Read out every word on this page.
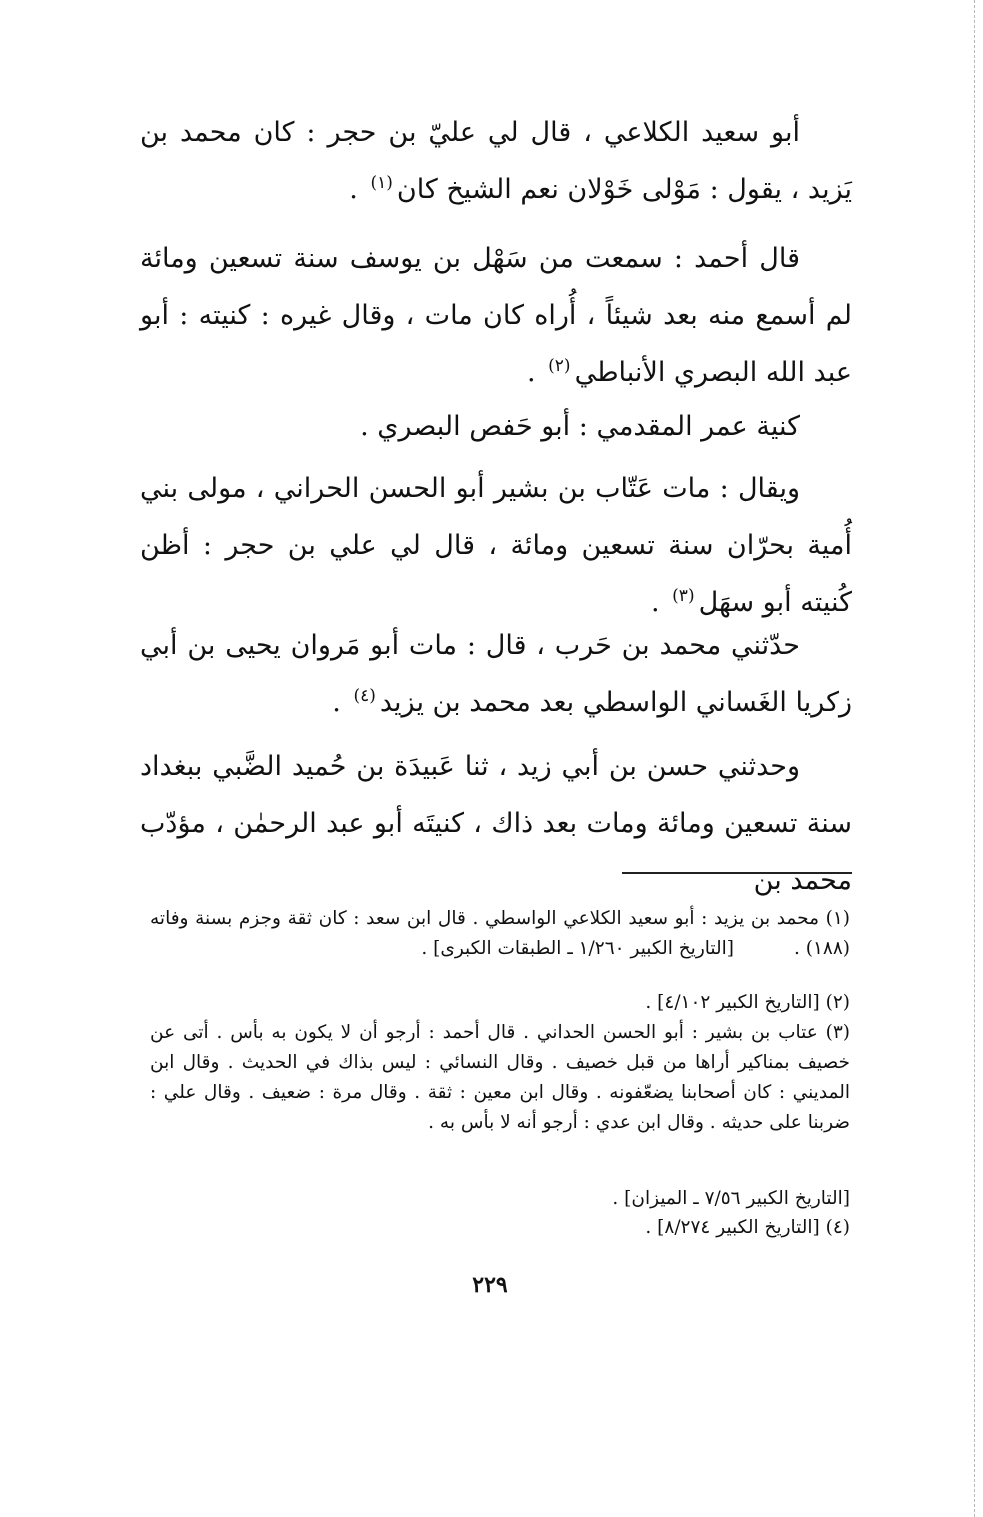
أبو سعيد الكلاعي ، قال لي عليّ بن حجر : كان محمد بن يَزيد ، يقول : مَوْلى خَوْلان نعم الشيخ كان$^{(١)}$ .

قال أحمد : سمعت من سَهْل بن يوسف سنة تسعين ومائة لم أسمع منه بعد شيئاً ، أُراه كان مات ، وقال غيره : كنيته : أبو عبد الله البصري الأنباطي$^{(٢)}$ .

كنية عمر المقدمي : أبو حَفص البصري .

ويقال : مات عَتّاب بن بشير أبو الحسن الحراني ، مولى بني أُمية بحرّان سنة تسعين ومائة ، قال لي علي بن حجر : أظن كُنيته أبو سهَل$^{(٣)}$ .

حدّثني محمد بن حَرب ، قال : مات أبو مَروان يحيى بن أبي زكريا الغَساني الواسطي بعد محمد بن يزيد$^{(٤)}$ .

وحدثني حسن بن أبي زيد ، ثنا عَبيدَة بن حُميد الضَّبي ببغداد سنة تسعين ومائة ومات بعد ذاك ، كنيتَه أبو عبد الرحمٰن ، مؤدّب محمد بن

(١) محمد بن يزيد : أبو سعيد الكلاعي الواسطي . قال ابن سعد : كان ثقة وجزم بسنة وفاته (١٨٨) .[التاريخ الكبير ١/٢٦٠ ـ الطبقات الكبرى] .

(٢) [التاريخ الكبير ٤/١٠٢] .

(٣) عتاب بن بشير : أبو الحسن الحداني . قال أحمد : أرجو أن لا يكون به بأس . أتى عن خصيف بمناكير أراها من قبل خصيف . وقال النسائي : ليس بذاك في الحديث . وقال ابن المديني : كان أصحابنا يضعّفونه . وقال ابن معين : ثقة . وقال مرة : ضعيف . وقال علي : ضربنا على حديثه . وقال ابن عدي : أرجو أنه لا بأس به .

[التاريخ الكبير ٧/٥٦ ـ الميزان] .

(٤) [التاريخ الكبير ٨/٢٧٤] .

٢٢٩
